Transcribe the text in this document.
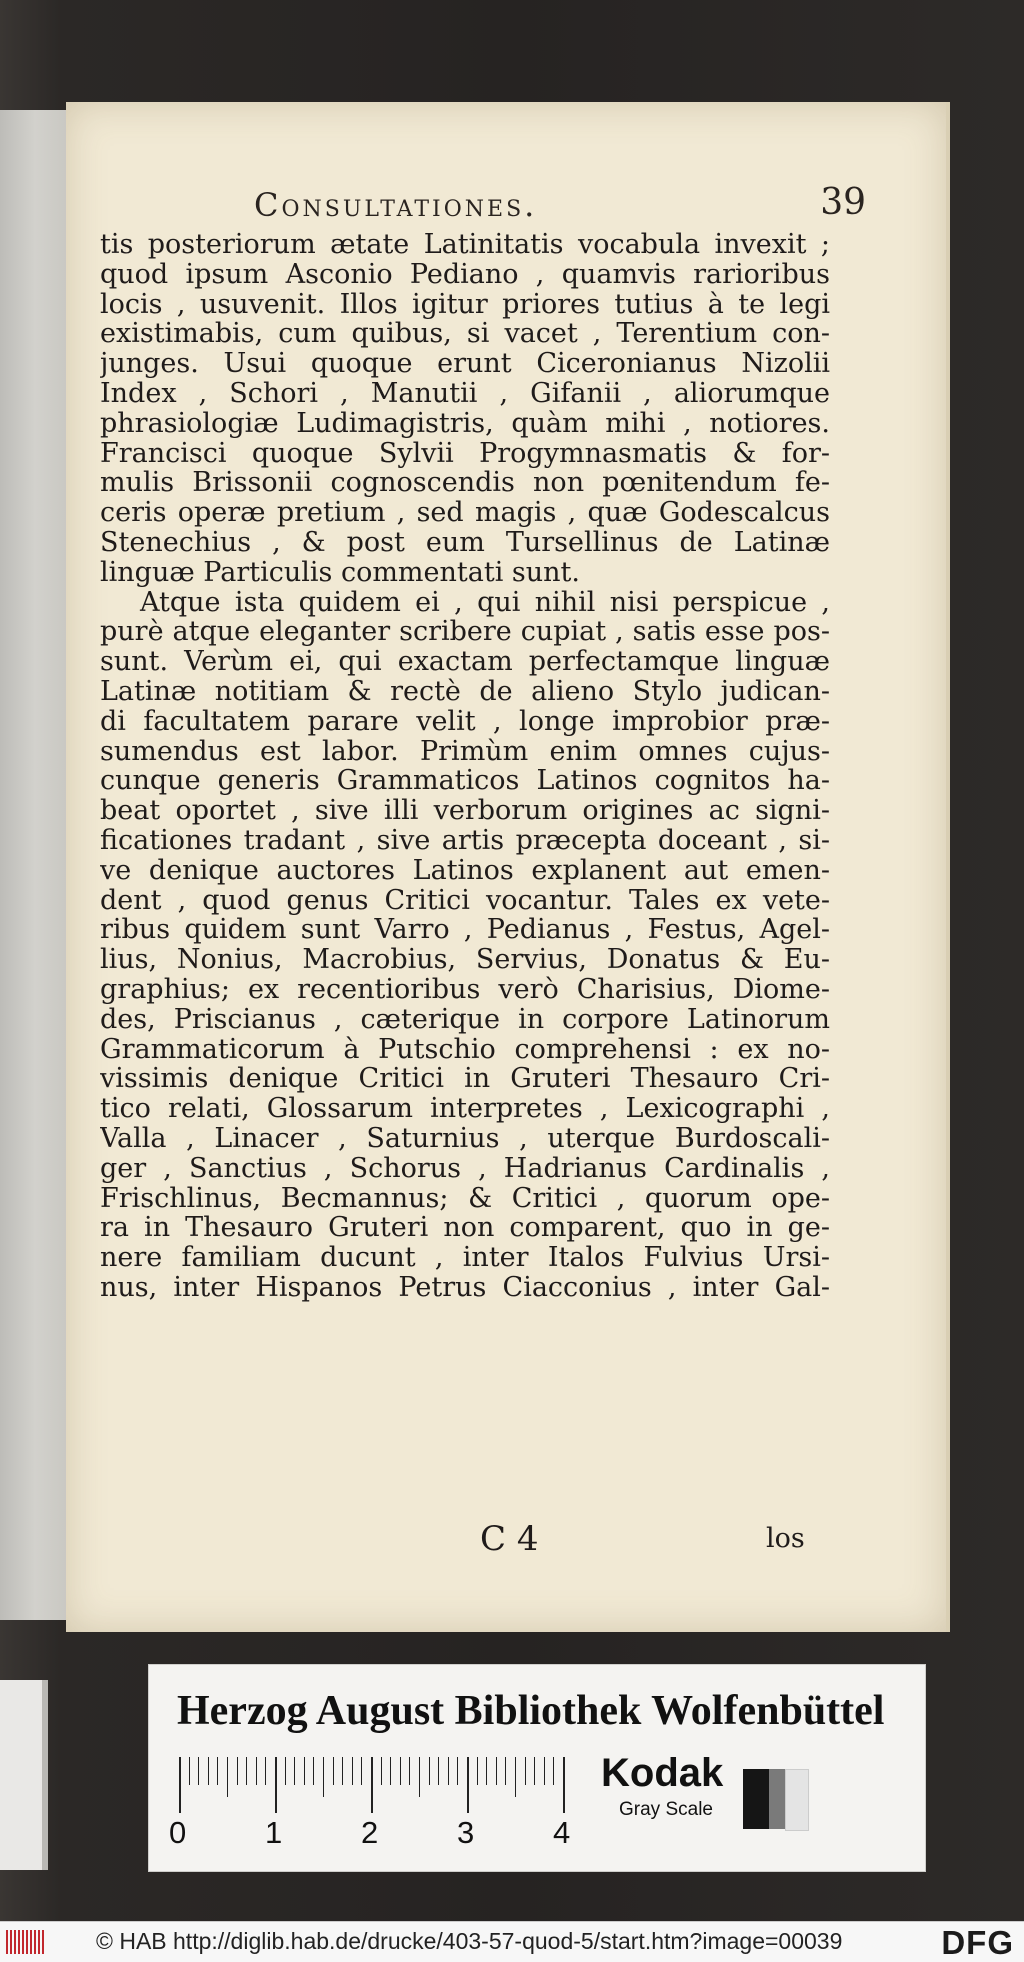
Consultationes.	39
tis posteriorum ætate Latinitatis vocabula invexit ;
quod ipsum Asconio Pediano , quamvis rarioribus
locis , usuvenit. Illos igitur priores tutius à te legi
existimabis, cum quibus, si vacet , Terentium con-
junges. Usui quoque erunt Ciceronianus Nizolii
Index , Schori , Manutii , Gifanii , aliorumque
phrasiologiæ Ludimagistris, quàm mihi , notiores.
Francisci quoque Sylvii Progymnasmatis & for-
mulis Brissonii cognoscendis non pœnitendum fe-
ceris operæ pretium , sed magis , quæ Godescalcus
Stenechius , & post eum Tursellinus de Latinæ
linguæ Particulis commentati sunt.
Atque ista quidem ei , qui nihil nisi perspicue ,
purè atque eleganter scribere cupiat , satis esse pos-
sunt. Verùm ei, qui exactam perfectamque linguæ
Latinæ notitiam & rectè de alieno Stylo judican-
di facultatem parare velit , longe improbior præ-
sumendus est labor. Primùm enim omnes cujus-
cunque generis Grammaticos Latinos cognitos ha-
beat oportet , sive illi verborum origines ac signi-
ficationes tradant , sive artis præcepta doceant , si-
ve denique auctores Latinos explanent aut emen-
dent , quod genus Critici vocantur. Tales ex vete-
ribus quidem sunt Varro , Pedianus , Festus, Agel-
lius, Nonius, Macrobius, Servius, Donatus & Eu-
graphius; ex recentioribus verò Charisius, Diome-
des, Priscianus , cæterique in corpore Latinorum
Grammaticorum à Putschio comprehensi : ex no-
vissimis denique Critici in Gruteri Thesauro Cri-
tico relati, Glossarum interpretes , Lexicographi ,
Valla , Linacer , Saturnius , uterque Burdoscali-
ger , Sanctius , Schorus , Hadrianus Cardinalis ,
Frischlinus, Becmannus; & Critici , quorum ope-
ra in Thesauro Gruteri non comparent, quo in ge-
nere familiam ducunt , inter Italos Fulvius Ursi-
nus, inter Hispanos Petrus Ciacconius , inter Gal-
C 4	los
Herzog August Bibliothek Wolfenbüttel
0	1	2	3	4
Kodak
Gray Scale
© HAB http://diglib.hab.de/drucke/403-57-quod-5/start.htm?image=00039	DFG
